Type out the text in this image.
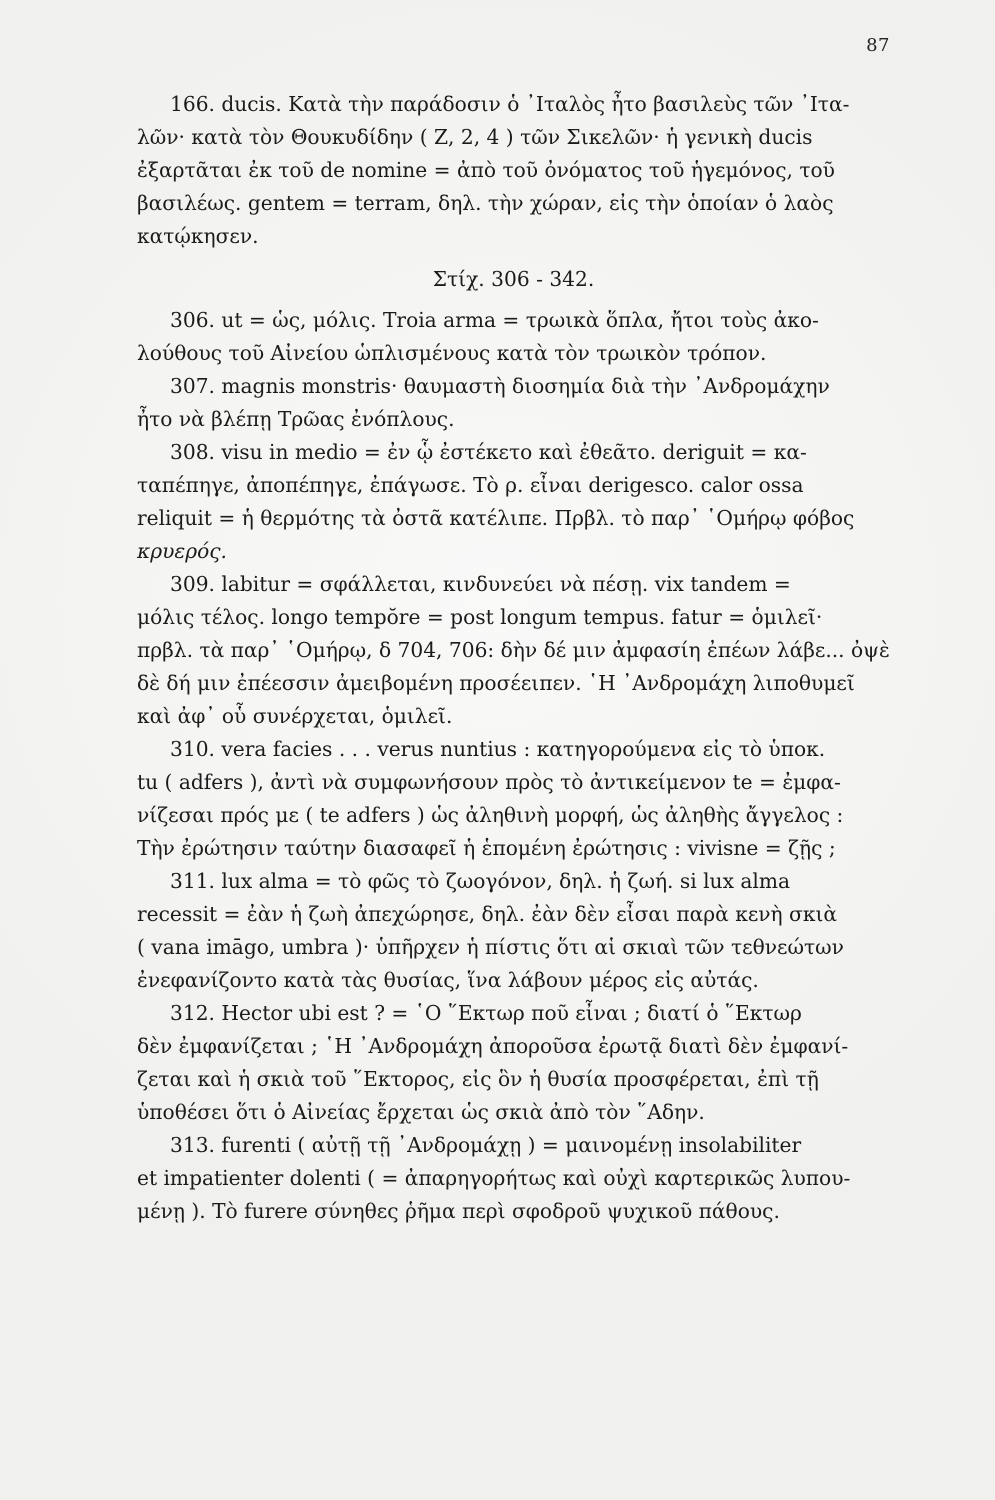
87
166. ducis. Κατὰ τὴν παράδοσιν ὁ ᾿Ιταλὸς ἦτο βασιλεὺς τῶν ᾿Ιτα-
λῶν· κατὰ τὸν Θουκυδίδην ( Ζ, 2, 4 ) τῶν Σικελῶν· ἡ γενικὴ ducis
ἐξαρτᾶται ἐκ τοῦ de nomine = ἀπὸ τοῦ ὀνόματος τοῦ ἡγεμόνος, τοῦ
βασιλέως. gentem = terram, δηλ. τὴν χώραν, εἰς τὴν ὁποίαν ὁ λαὸς
κατῴκησεν.
Στίχ. 306 - 342.
306. ut = ὡς, μόλις. Troia arma = τρωικὰ ὅπλα, ἤτοι τοὺς ἀκο-
λούθους τοῦ Αἰνείου ὡπλισμένους κατὰ τὸν τρωικὸν τρόπον.
307. magnis monstris· θαυμαστὴ διοσημία διὰ τὴν ᾿Ανδρομάχην
ἦτο νὰ βλέπῃ Τρῶας ἐνόπλους.
308. visu in medio = ἐν ᾧ ἐστέκετο καὶ ἐθεᾶτο. deriguit = κα-
ταπέπηγε, ἀποπέπηγε, ἐπάγωσε. Τὸ ρ. εἶναι derigesco. calor ossa
reliquit = ἡ θερμότης τὰ ὀστᾶ κατέλιπε. Πρβλ. τὸ παρ᾿ ῾Ομήρῳ φόβος
κρυερός.
309. labitur = σφάλλεται, κινδυνεύει νὰ πέσῃ. vix tandem =
μόλις τέλος. longo tempŏre = post longum tempus. fatur = ὁμιλεῖ·
πρβλ. τὰ παρ᾿ ῾Ομήρῳ, δ 704, 706: δὴν δέ μιν ἀμφασίη ἐπέων λάβε... ὀψὲ
δὲ δή μιν ἐπέεσσιν ἀμειβομένη προσέειπεν. ῾Η ᾿Ανδρομάχη λιποθυμεῖ
καὶ ἀφ᾿ οὗ συνέρχεται, ὁμιλεῖ.
310. vera facies . . . verus nuntius : κατηγορούμενα εἰς τὸ ὑποκ.
tu ( adfers ), ἀντὶ νὰ συμφωνήσουν πρὸς τὸ ἀντικείμενον te = ἐμφα-
νίζεσαι πρός με ( te adfers ) ὡς ἀληθινὴ μορφή, ὡς ἀληθὴς ἄγγελος :
Τὴν ἐρώτησιν ταύτην διασαφεῖ ἡ ἑπομένη ἐρώτησις : vivisne = ζῇς ;
311. lux alma = τὸ φῶς τὸ ζωογόνον, δηλ. ἡ ζωή. si lux alma
recessit = ἐὰν ἡ ζωὴ ἀπεχώρησε, δηλ. ἐὰν δὲν εἶσαι παρὰ κενὴ σκιὰ
( vana imāgo, umbra )· ὑπῆρχεν ἡ πίστις ὅτι αἱ σκιαὶ τῶν τεθνεώτων
ἐνεφανίζοντο κατὰ τὰς θυσίας, ἵνα λάβουν μέρος εἰς αὐτάς.
312. Hector ubi est ? = ῾Ο ῞Εκτωρ ποῦ εἶναι ; διατί ὁ ῞Εκτωρ
δὲν ἐμφανίζεται ; ῾Η ᾿Ανδρομάχη ἀποροῦσα ἐρωτᾷ διατὶ δὲν ἐμφανί-
ζεται καὶ ἡ σκιὰ τοῦ ῞Εκτορος, εἰς ὃν ἡ θυσία προσφέρεται, ἐπὶ τῇ
ὑποθέσει ὅτι ὁ Αἰνείας ἔρχεται ὡς σκιὰ ἀπὸ τὸν ῞Αδην.
313. furenti ( αὐτῇ τῇ ᾿Ανδρομάχῃ ) = μαινομένῃ insolabiliter
et impatienter dolenti ( = ἀπαρηγορήτως καὶ οὐχὶ καρτερικῶς λυπου-
μένῃ ). Τὸ furere σύνηθες ῥῆμα περὶ σφοδροῦ ψυχικοῦ πάθους.
